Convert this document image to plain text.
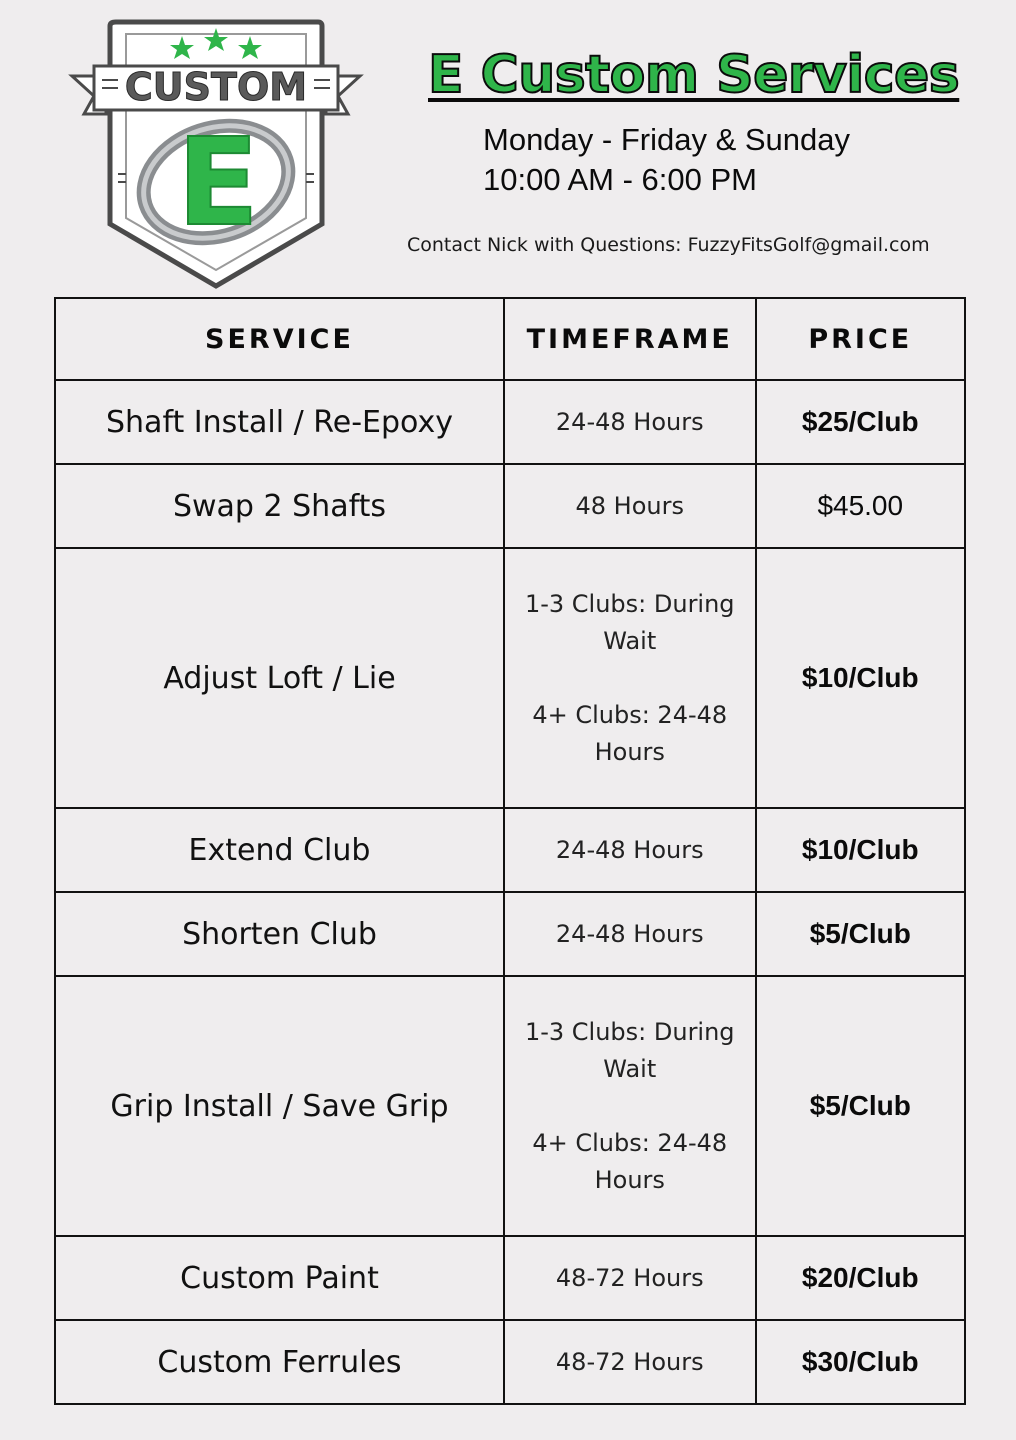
CUSTOM
E
E Custom Services
Monday - Friday & Sunday
10:00 AM - 6:00 PM
Contact Nick with Questions: FuzzyFitsGolf@gmail.com
SERVICE	TIMEFRAME	PRICE
Shaft Install / Re-Epoxy	24-48 Hours	$25/Club
Swap 2 Shafts	48 Hours	$45.00
Adjust Loft / Lie	1-3 Clubs: During
Wait
4+ Clubs: 24-48
Hours	$10/Club
Extend Club	24-48 Hours	$10/Club
Shorten Club	24-48 Hours	$5/Club
Grip Install / Save Grip	1-3 Clubs: During
Wait
4+ Clubs: 24-48
Hours	$5/Club
Custom Paint	48-72 Hours	$20/Club
Custom Ferrules	48-72 Hours	$30/Club
